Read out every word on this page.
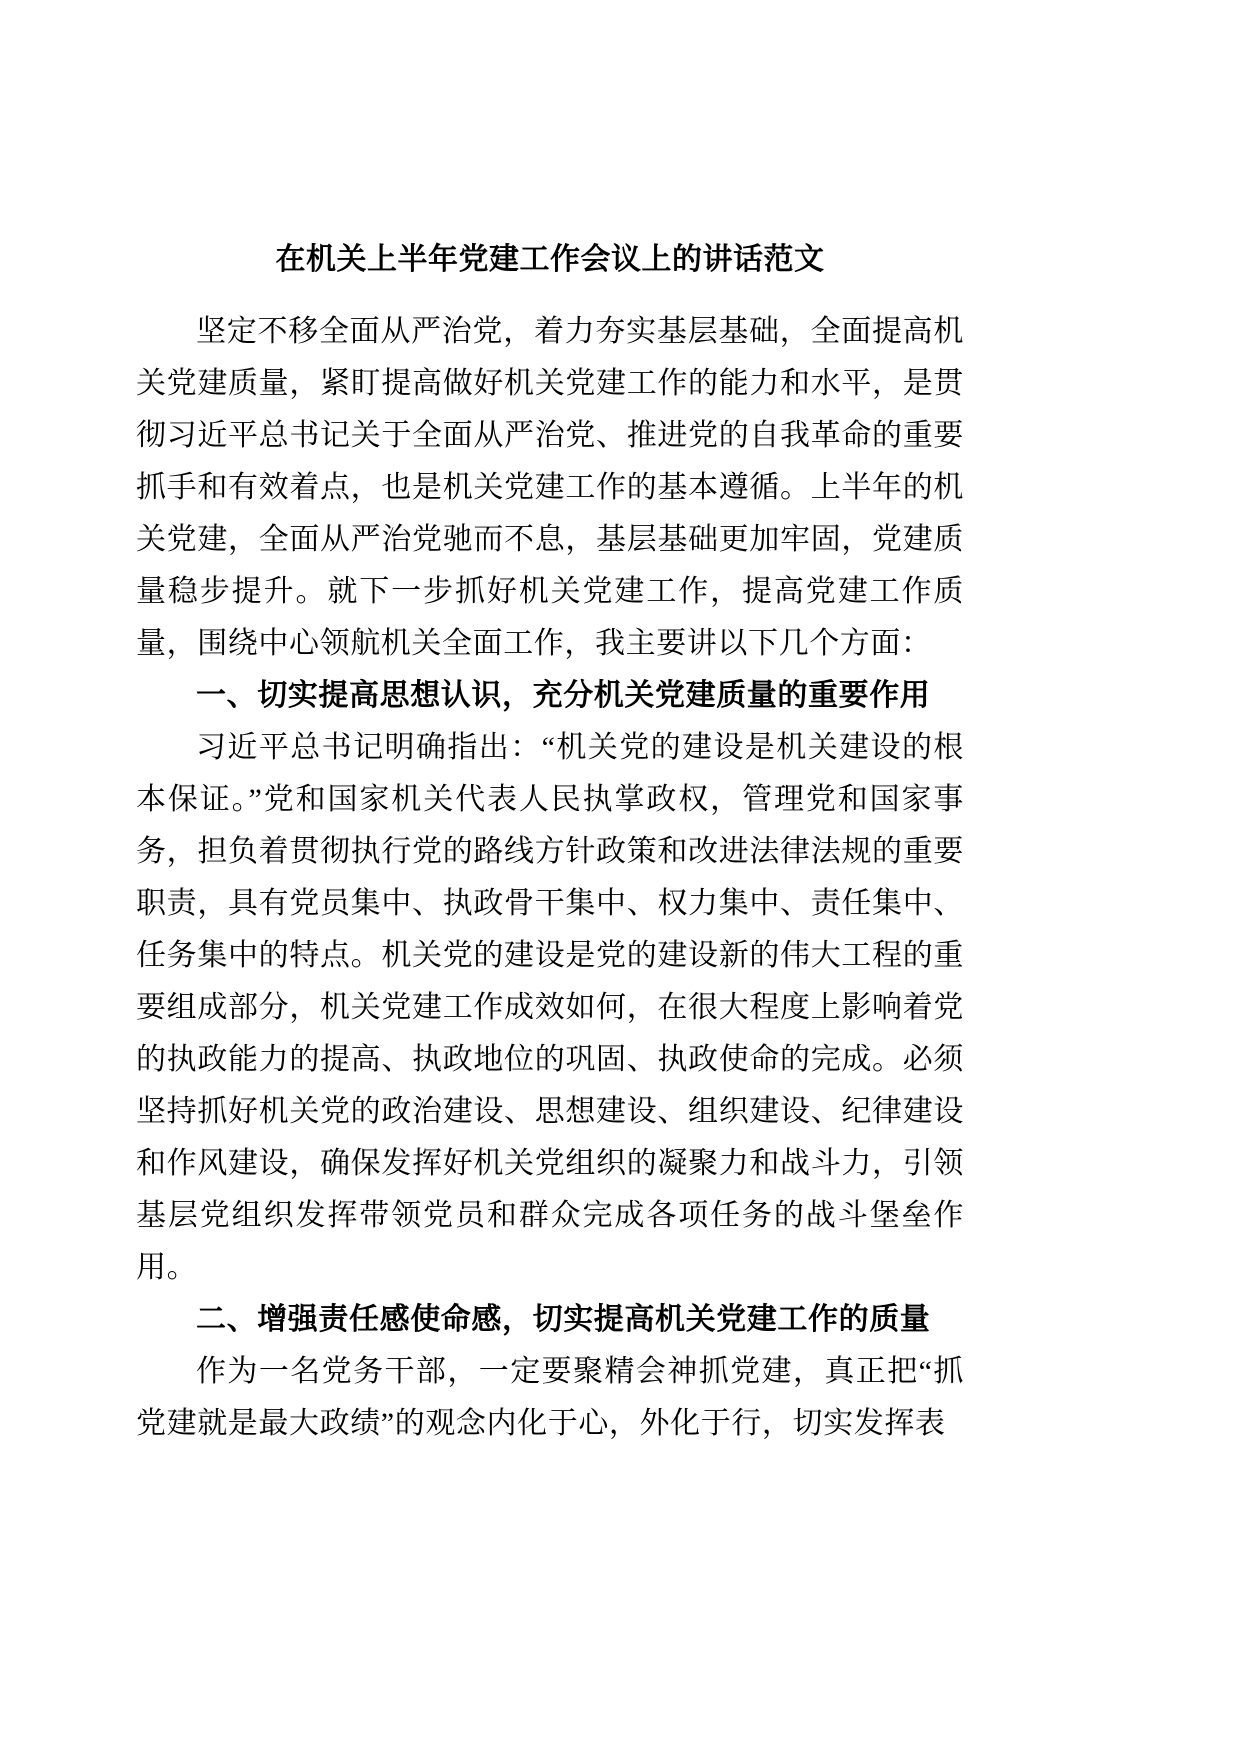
在机关上半年党建工作会议上的讲话范文

坚定不移全面从严治党，着力夯实基层基础，全面提高机关党建质量，紧盯提高做好机关党建工作的能力和水平，是贯彻习近平总书记关于全面从严治党、推进党的自我革命的重要抓手和有效着点，也是机关党建工作的基本遵循。上半年的机关党建，全面从严治党驰而不息，基层基础更加牢固，党建质量稳步提升。就下一步抓好机关党建工作，提高党建工作质量，围绕中心领航机关全面工作，我主要讲以下几个方面：

一、切实提高思想认识，充分机关党建质量的重要作用

习近平总书记明确指出：“机关党的建设是机关建设的根本保证。”党和国家机关代表人民执掌政权，管理党和国家事务，担负着贯彻执行党的路线方针政策和改进法律法规的重要职责，具有党员集中、执政骨干集中、权力集中、责任集中、任务集中的特点。机关党的建设是党的建设新的伟大工程的重要组成部分，机关党建工作成效如何，在很大程度上影响着党的执政能力的提高、执政地位的巩固、执政使命的完成。必须坚持抓好机关党的政治建设、思想建设、组织建设、纪律建设和作风建设，确保发挥好机关党组织的凝聚力和战斗力，引领基层党组织发挥带领党员和群众完成各项任务的战斗堡垒作用。

二、增强责任感使命感，切实提高机关党建工作的质量

作为一名党务干部，一定要聚精会神抓党建，真正把“抓党建就是最大政绩”的观念内化于心，外化于行，切实发挥表
